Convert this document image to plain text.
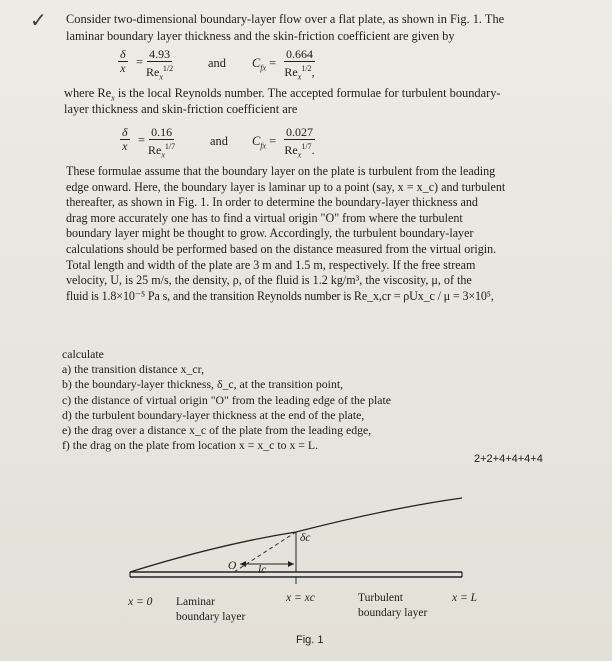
✓ Consider two-dimensional boundary-layer flow over a flat plate, as shown in Fig. 1. The
laminar boundary layer thickness and the skin-friction coefficient are given by
$\frac{\delta}{x}$ =
4.93
$Re_x^{1/2}$	and $C_{fx}$ =
0.664
$Re_x^{1/2}$,
where $Re_x$ is the local Reynolds number. The accepted formulae for turbulent boundary-
layer thickness and skin-friction coefficient are
$\frac{\delta}{x}$ =
0.16
$Re_x^{1/7}$	and $C_{fx}$ =
0.027
$Re_x^{1/7}$.
These formulae assume that the boundary layer on the plate is turbulent from the leading
edge onward. Here, the boundary layer is laminar up to a point (say, x = x_c) and turbulent
thereafter, as shown in Fig. 1. In order to determine the boundary-layer thickness and
drag more accurately one has to find a virtual origin "O" from where the turbulent
boundary layer might be thought to grow. Accordingly, the turbulent boundary-layer
calculations should be performed based on the distance measured from the virtual origin.
Total length and width of the plate are 3 m and 1.5 m, respectively. If the free stream
velocity, U, is 25 m/s, the density, ρ, of the fluid is 1.2 kg/m³, the viscosity, μ, of the
fluid is 1.8×10⁻⁵ Pa s, and the transition Reynolds number is Re_x,cr = ρUx_c / μ = 3×10⁵,
calculate
a) the transition distance x_cr,
b) the boundary-layer thickness, δ_c, at the transition point,
c) the distance of virtual origin "O" from the leading edge of the plate
d) the turbulent boundary-layer thickness at the end of the plate,
e) the drag over a distance x_c of the plate from the leading edge,
f) the drag on the plate from location x = x_c to x = L.
2+2+4+4+4+4
δc
O lc
x = 0 Laminar
boundary layer
x = xc	Turbulent
boundary layer
x = L
Fig. 1
